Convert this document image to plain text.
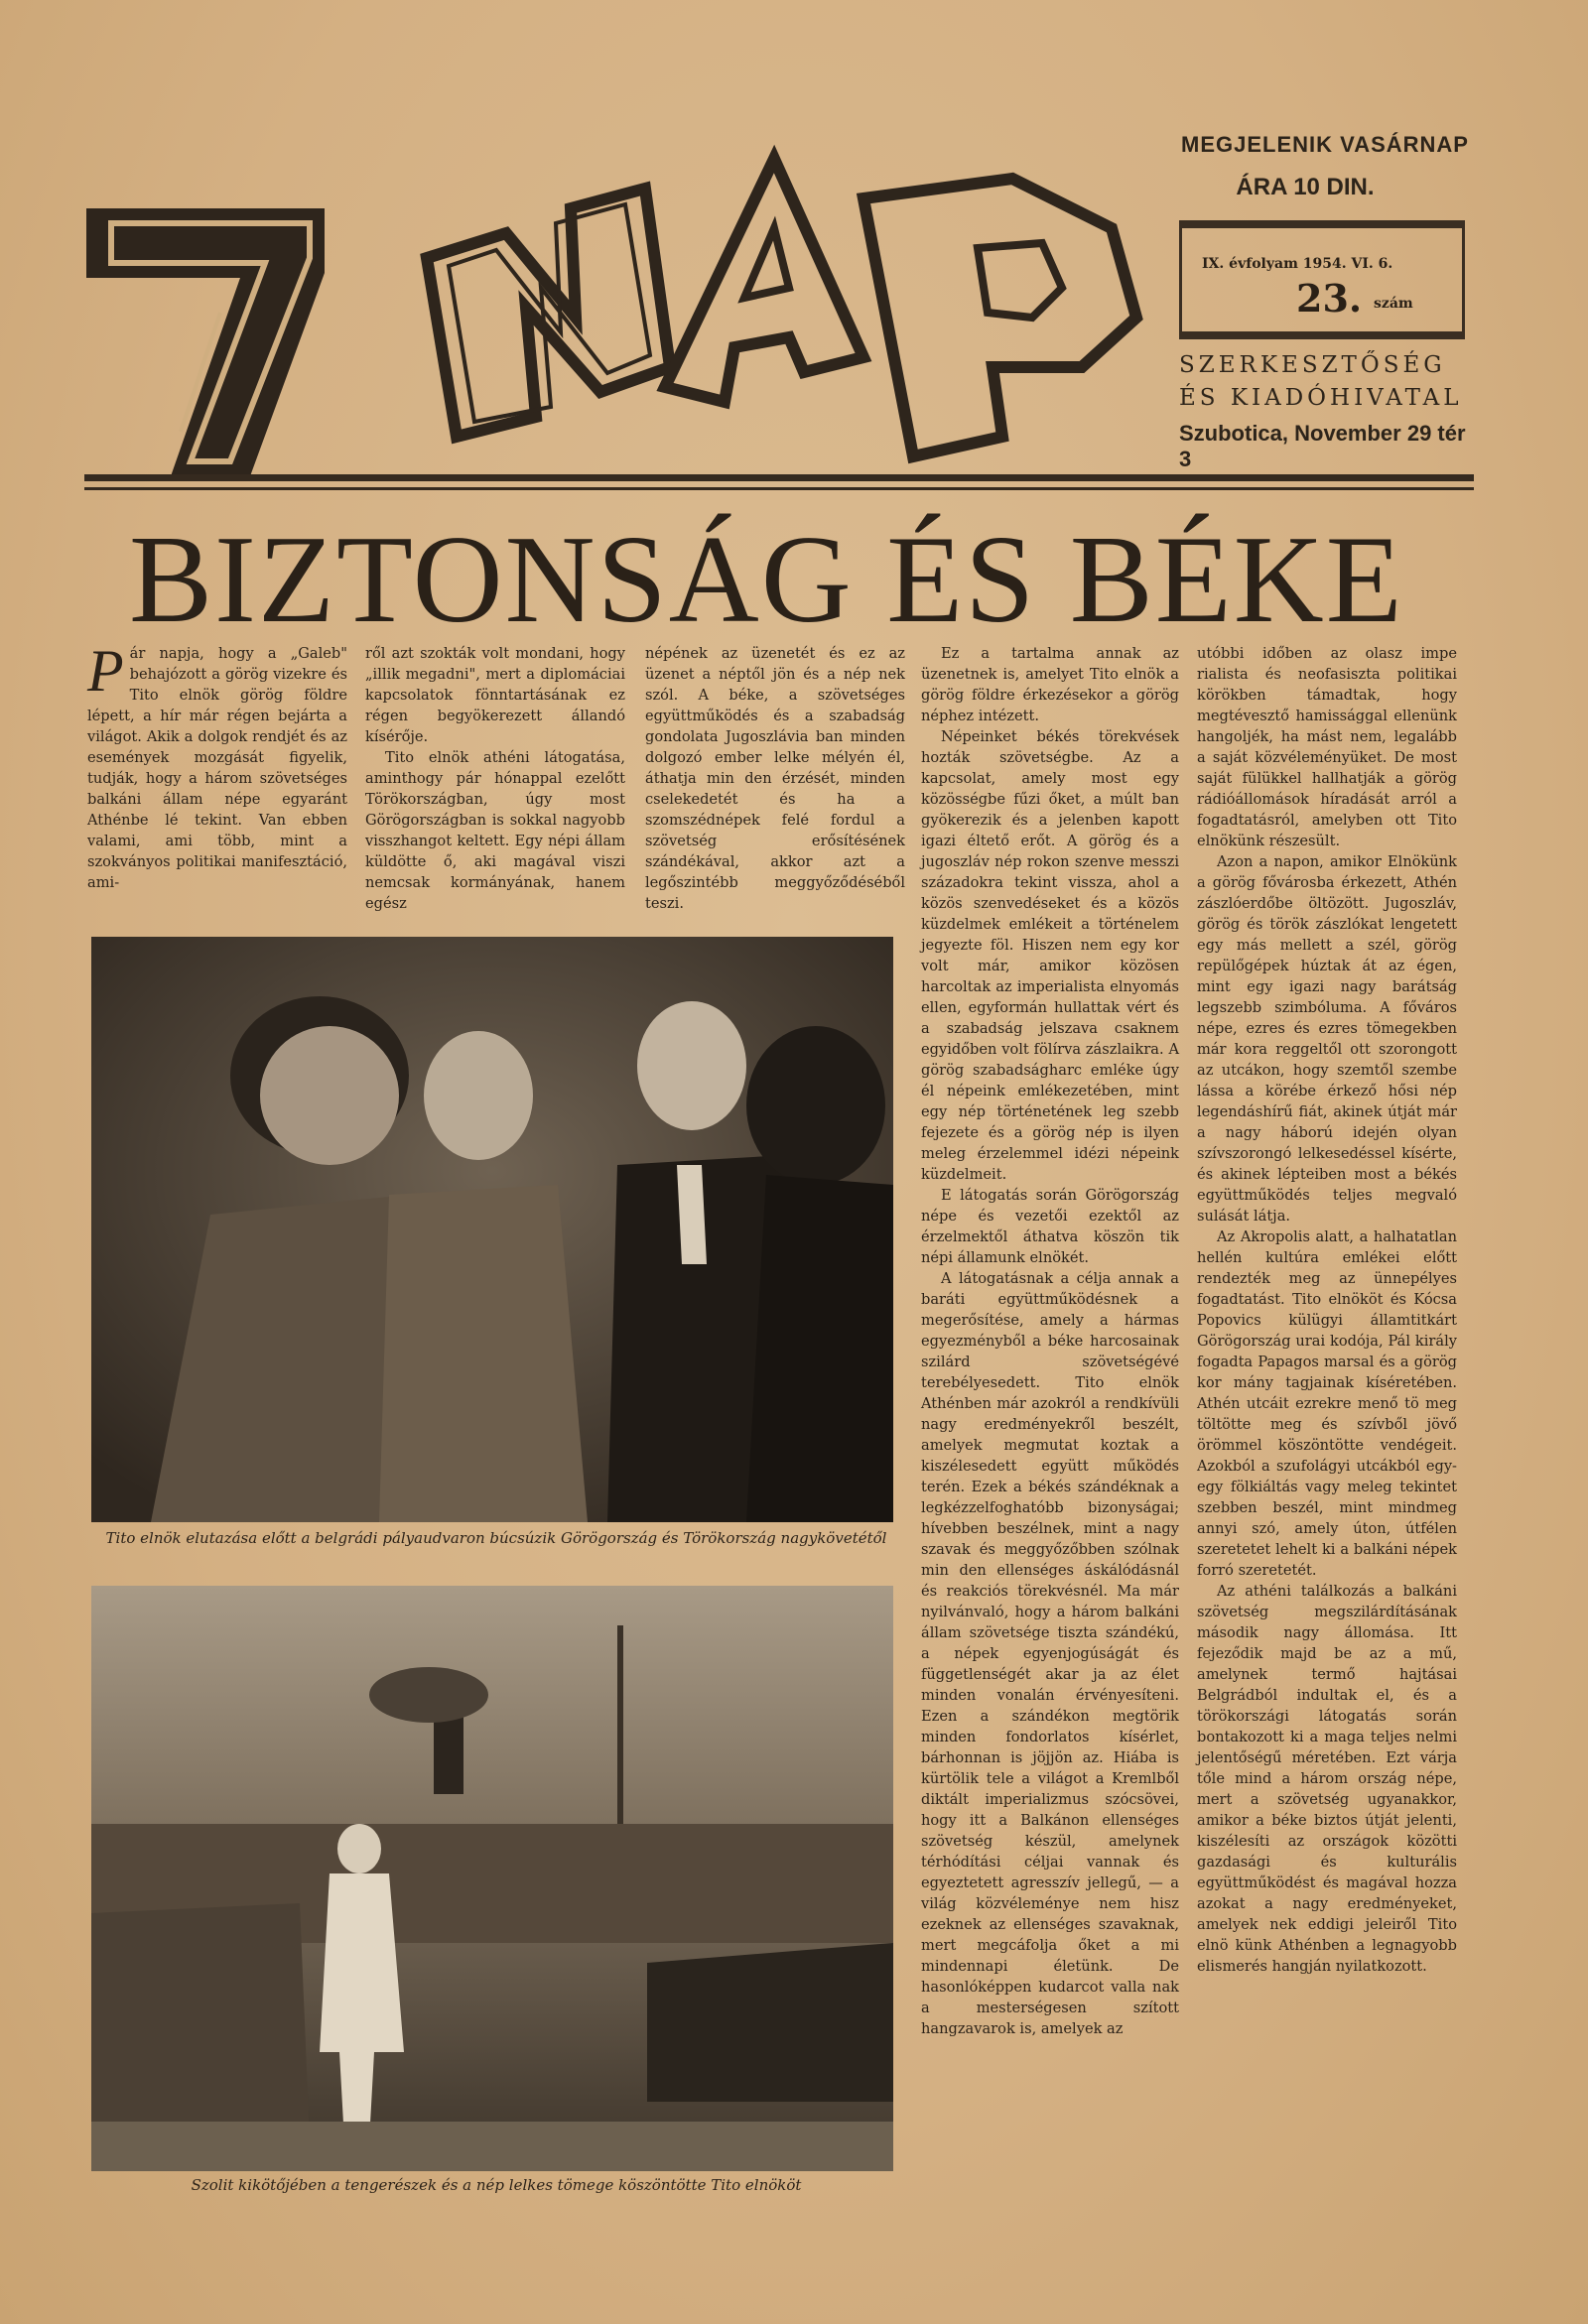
MEGJELENIK VASÁRNAP
ÁRA 10 DIN.
IX. évfolyam 1954. VI. 6.
23. szám
SZERKESZTŐSÉG
ÉS KIADÓHIVATAL
Szubotica, November 29 tér 3
BIZTONSÁG ÉS BÉKE

Pár napja, hogy a „Galeb" behajózott a görög vizekre és Tito elnök görög földre lépett, a hír már régen bejárta a világot. Akik a dolgok rendjét és az események mozgását figyelik, tudják, hogy a három szövetséges balkáni állam népe egyaránt Athénbe lé tekint. Van ebben valami, ami több, mint a szokványos politikai manifesztáció, ami-

ről azt szokták volt mondani, hogy „illik megadni", mert a diplomáciai kapcsolatok fönntartásának ez régen begyökerezett állandó kísérője.

Tito elnök athéni látogatása, aminthogy pár hónappal ezelőtt Törökországban, úgy most Görögországban is sokkal nagyobb visszhangot keltett. Egy népi állam küldötte ő, aki magával viszi nemcsak kormányának, hanem egész

népének az üzenetét és ez az üzenet a néptől jön és a nép nek szól. A béke, a szövetséges együttműködés és a szabadság gondolata Jugoszlávia ban minden dolgozó ember lelke mélyén él, áthatja min den érzését, minden cselekedetét és ha a szomszédnépek felé fordul a szövetség erősítésének szándékával, akkor azt a legőszintébb meggyőződéséből teszi.

Tito elnök elutazása előtt a belgrádi pályaudvaron búcsúzik Görögország és Törökország nagykövetétől
Szolit kikötőjében a tengerészek és a nép lelkes tömege köszöntötte Tito elnököt

Ez a tartalma annak az üzenetnek is, amelyet Tito elnök a görög földre érkezésekor a görög néphez intézett.

Népeinket békés törekvések hozták szövetségbe. Az a kapcsolat, amely most egy közösségbe fűzi őket, a múlt ban gyökerezik és a jelenben kapott igazi éltető erőt. A görög és a jugoszláv nép rokon szenve messzi századokra tekint vissza, ahol a közös szenvedéseket és a közös küzdelmek emlékeit a történelem jegyezte föl. Hiszen nem egy kor volt már, amikor közösen harcoltak az imperialista elnyomás ellen, egyformán hullattak vért és a szabadság jelszava csaknem egyidőben volt fölírva zászlaikra. A görög szabadságharc emléke úgy él népeink emlékezetében, mint egy nép történetének leg szebb fejezete és a görög nép is ilyen meleg érzelemmel idézi népeink küzdelmeit.

E látogatás során Görögország népe és vezetői ezektől az érzelmektől áthatva köszön tik népi államunk elnökét.

A látogatásnak a célja annak a baráti együttműködésnek a megerősítése, amely a hármas egyezményből a béke harcosainak szilárd szövetségévé terebélyesedett. Tito elnök Athénben már azokról a rendkívüli nagy eredményekről beszélt, amelyek megmutat koztak a kiszélesedett együtt működés terén. Ezek a békés szándéknak a legkézzelfoghatóbb bizonyságai; hívebben beszélnek, mint a nagy szavak és meggyőzőbben szólnak min den ellenséges áskálódásnál és reakciós törekvésnél. Ma már nyilvánvaló, hogy a három balkáni állam szövetsége tiszta szándékú, a népek egyenjogúságát és függetlenségét akar ja az élet minden vonalán érvényesíteni. Ezen a szándékon megtörik minden fondorlatos kísérlet, bárhonnan is jöjjön az. Hiába is kürtölik tele a világot a Kremlből diktált imperializmus szócsövei, hogy itt a Balkánon ellenséges szövetség készül, amelynek térhódítási céljai vannak és egyeztetett agresszív jellegű, — a világ közvéleménye nem hisz ezeknek az ellenséges szavaknak, mert megcáfolja őket a mi mindennapi életünk. De hasonlóképpen kudarcot valla nak a mesterségesen szított hangzavarok is, amelyek az

utóbbi időben az olasz impe rialista és neofasiszta politikai körökben támadtak, hogy megtévesztő hamissággal ellenünk hangoljék, ha mást nem, legalább a saját közvéleményüket. De most saját fülükkel hallhatják a görög rádióállomások híradását arról a fogadtatásról, amelyben ott Tito elnökünk részesült.

Azon a napon, amikor Elnökünk a görög fővárosba érkezett, Athén zászlóerdőbe öltözött. Jugoszláv, görög és török zászlókat lengetett egy más mellett a szél, görög repülőgépek húztak át az égen, mint egy igazi nagy barátság legszebb szimbóluma. A főváros népe, ezres és ezres tömegekben már kora reggeltől ott szorongott az utcákon, hogy szemtől szembe lássa a körébe érkező hősi nép legendáshírű fiát, akinek útját már a nagy háború idején olyan szívszorongó lelkesedéssel kísérte, és akinek lépteiben most a békés együttműködés teljes megvaló sulását látja.

Az Akropolis alatt, a halhatatlan hellén kultúra emlékei előtt rendezték meg az ünnepélyes fogadtatást. Tito elnököt és Kócsa Popovics külügyi államtitkárt Görögország urai kodója, Pál király fogadta Papagos marsal és a görög kor mány tagjainak kíséretében. Athén utcáit ezrekre menő tö meg töltötte meg és szívből jövő örömmel köszöntötte vendégeit. Azokból a szufolágyi utcákból egy-egy fölkiáltás vagy meleg tekintet szebben beszél, mint mindmeg annyi szó, amely úton, útfélen szeretetet lehelt ki a balkáni népek forró szeretetét.

Az athéni találkozás a balkáni szövetség megszilárdításának második nagy állomása. Itt fejeződik majd be az a mű, amelynek termő hajtásai Belgrádból indultak el, és a törökországi látogatás során bontakozott ki a maga teljes nelmi jelentőségű méretében. Ezt várja tőle mind a három ország népe, mert a szövetség ugyanakkor, amikor a béke biztos útját jelenti, kiszélesíti az országok közötti gazdasági és kulturális együttműködést és magával hozza azokat a nagy eredményeket, amelyek nek eddigi jeleiről Tito elnö künk Athénben a legnagyobb elismerés hangján nyilatkozott.
